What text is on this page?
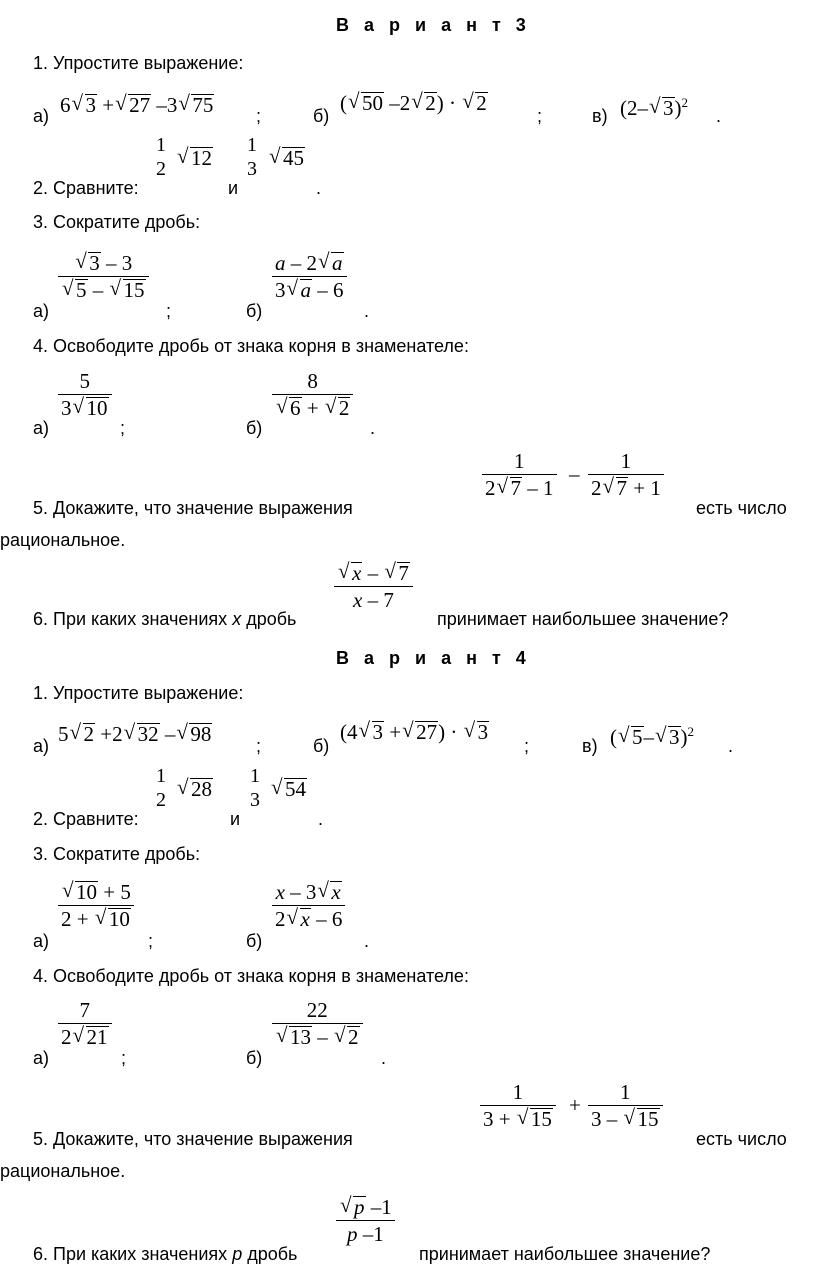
В а р и а н т 3
1. Упростите выражение:
а) 6 √ 3 + √ 27 –3 √ 75 ;	б)
( √ 50 –2 √ 2) · √ 2
;	в) (2– √ 3)$^2$
.
2. Сравните:
1
2	√ 12
и
1
3	√ 45
.
3. Сократите дробь:
а)
√ 3 – 3
√ 5 – √ 15
;	б)
$\frac{a - 2 √ a}{3 √ a - 6}$
.
4. Освободите дробь от знака корня в знаменателе:
а)
$\frac{5}{3 √ 10}$
;	б)
8
√ 6 + √ 2
.
5. Докажите, что значение выражения
$\frac{1}{2 √ 7 - 1} - \frac{1}{2 √ 7 + 1}$
есть число
рациональное.
6. При каких значениях x дробь
√ $\frac{x - √ 7}{x - 7}$
принимает наибольшее значение?
В а р и а н т 4
1. Упростите выражение:
а) 5 √ 2 +2 √ 32 – √ 98 ;	б)
(4 √ 3 + √ 27) · √ 3
;	в) ( √ 5– √ 3)$^2$
.
2. Сравните:
1
2	√ 28
и
1
3	√ 54
.
3. Сократите дробь:
а)
√ $\frac{10 + 5}{2 + √ 10}$
;	б)
$\frac{x - 3 √ x}{2 √ x - 6}$
.
4. Освободите дробь от знака корня в знаменателе:
а)
$\frac{7}{2 √ 21}$
;	б)
22
√ 13 – √ 2
.
5. Докажите, что значение выражения
$\frac{1}{3 + √ 15} + \frac{1}{3 - √ 15}$
есть число
рациональное.
6. При каких значениях p дробь
√ $\frac{p -1}{p -1}$
принимает наибольшее значение?
